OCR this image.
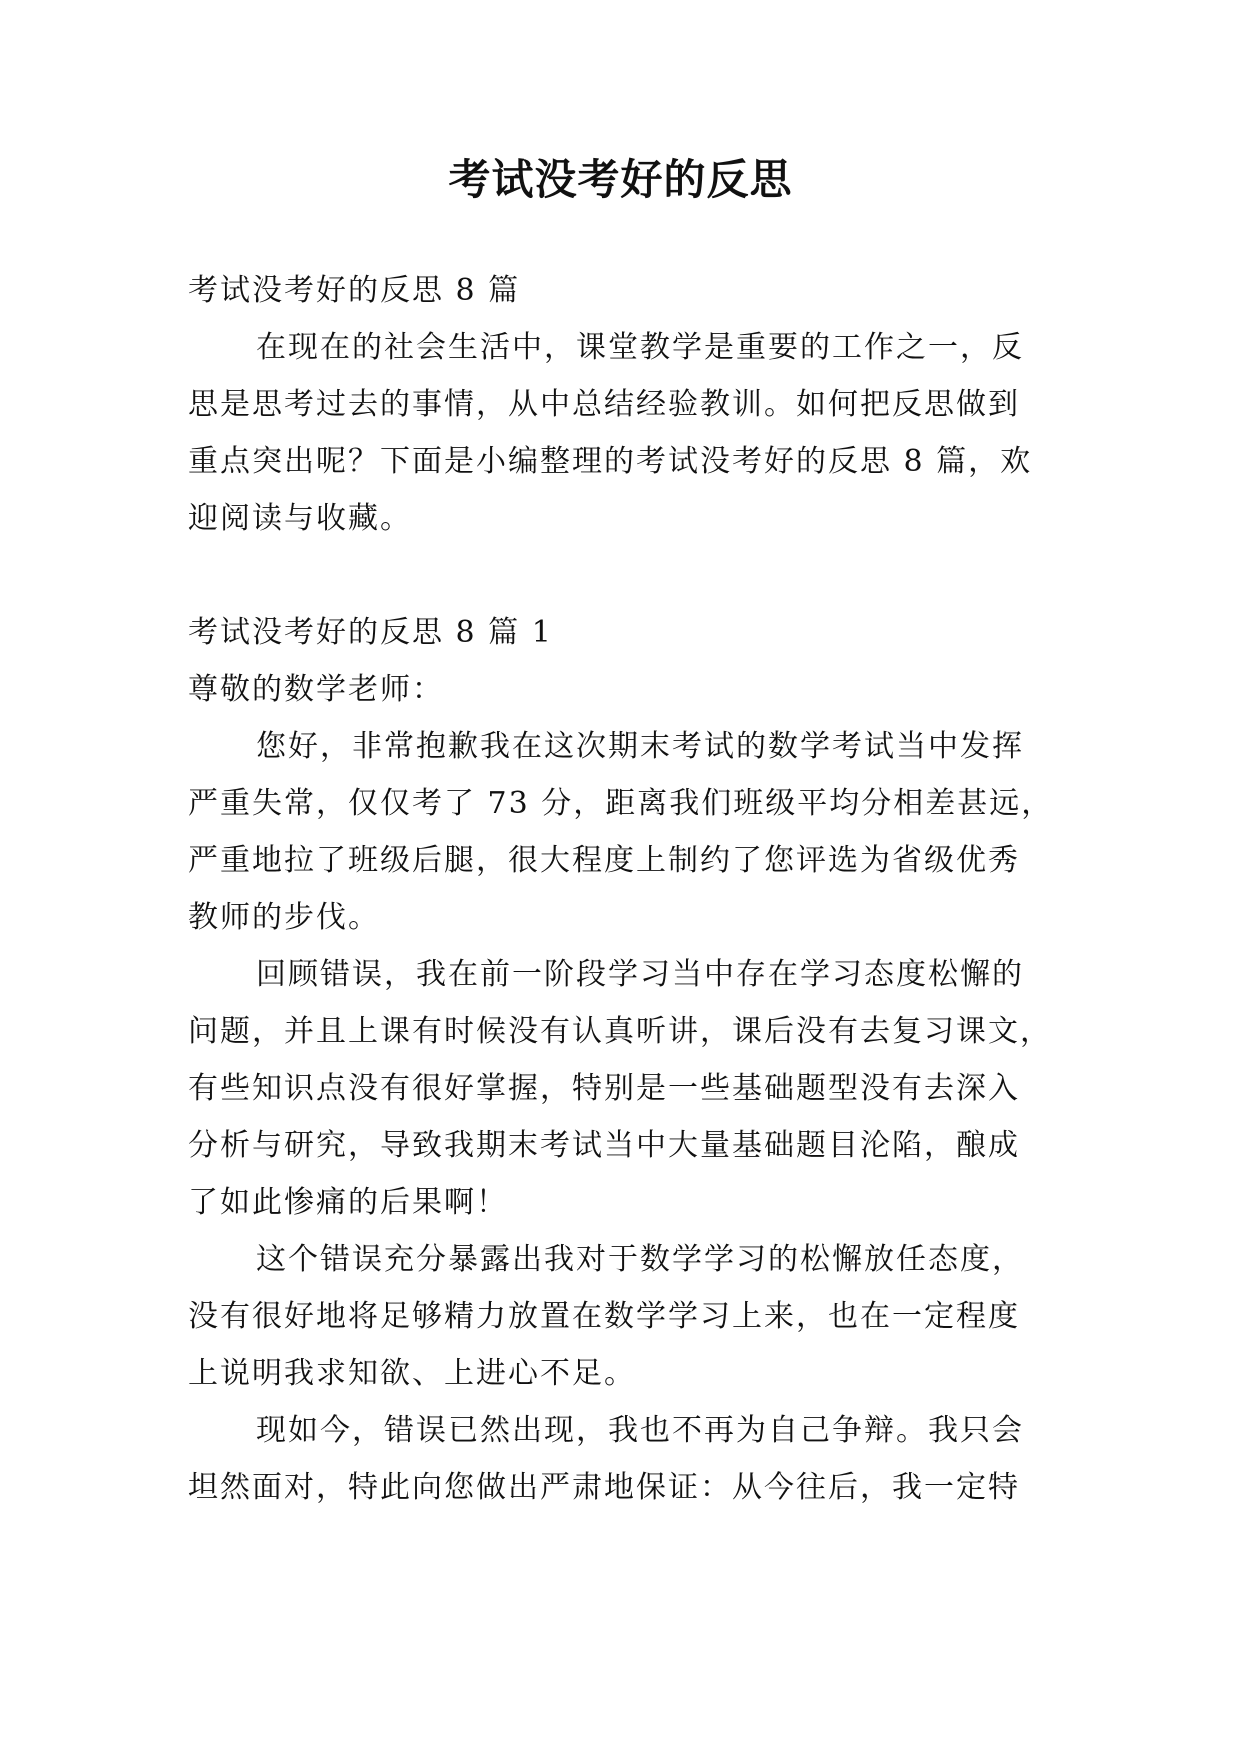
考试没考好的反思
考试没考好的反思 8 篇
在现在的社会生活中，课堂教学是重要的工作之一，反
思是思考过去的事情，从中总结经验教训。如何把反思做到
重点突出呢？下面是小编整理的考试没考好的反思 8 篇，欢
迎阅读与收藏。
考试没考好的反思 8 篇 1
尊敬的数学老师：
您好，非常抱歉我在这次期末考试的数学考试当中发挥
严重失常，仅仅考了 73 分，距离我们班级平均分相差甚远，
严重地拉了班级后腿，很大程度上制约了您评选为省级优秀
教师的步伐。
回顾错误，我在前一阶段学习当中存在学习态度松懈的
问题，并且上课有时候没有认真听讲，课后没有去复习课文，
有些知识点没有很好掌握，特别是一些基础题型没有去深入
分析与研究，导致我期末考试当中大量基础题目沦陷，酿成
了如此惨痛的后果啊！
这个错误充分暴露出我对于数学学习的松懈放任态度，
没有很好地将足够精力放置在数学学习上来，也在一定程度
上说明我求知欲、上进心不足。
现如今，错误已然出现，我也不再为自己争辩。我只会
坦然面对，特此向您做出严肃地保证：从今往后，我一定特
